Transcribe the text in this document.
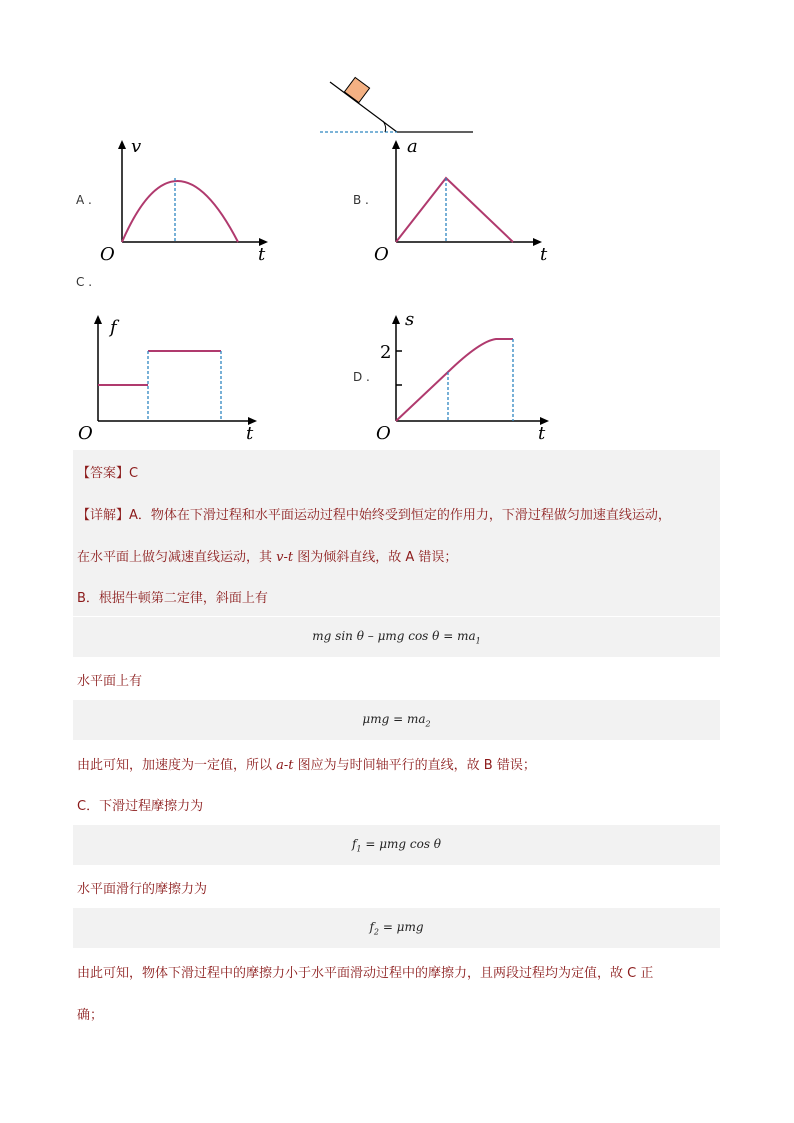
a
A .
v
t
O
B .
t
O
C .
f
t
O
D .
s
2
t
O
【答案】C
【详解】A．物体在下滑过程和水平面运动过程中始终受到恒定的作用力，下滑过程做匀加速直线运动，
在水平面上做匀减速直线运动，其 v-t 图为倾斜直线，故 A 错误；
B．根据牛顿第二定律，斜面上有
mg sin θ – μmg $\cos \theta = ma_1$
水平面上有
$\mu mg = ma_2$
由此可知，加速度为一定值，所以 a-t 图应为与时间轴平行的直线，故 B 错误；
C．下滑过程摩擦力为
$f_1 = \mu mg$ cos θ
水平面滑行的摩擦力为
$f_2 = \mu mg$
由此可知，物体下滑过程中的摩擦力小于水平面滑动过程中的摩擦力，且两段过程均为定值，故 C 正
确；
